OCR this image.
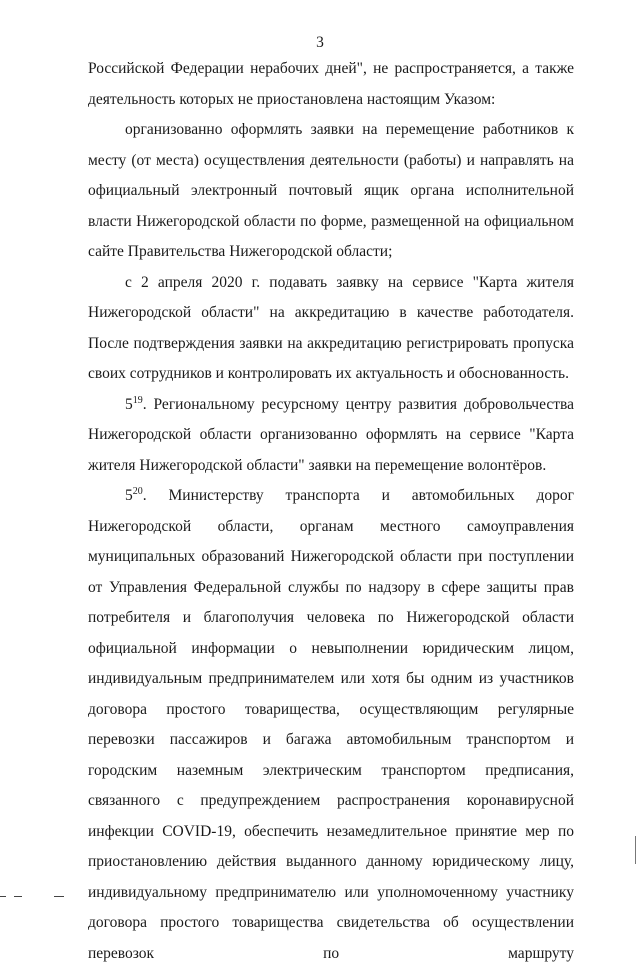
3

Российской Федерации нерабочих дней", не распространяется, а также деятельность которых не приостановлена настоящим Указом:

организованно оформлять заявки на перемещение работников к месту (от места) осуществления деятельности (работы) и направлять на официальный электронный почтовый ящик органа исполнительной власти Нижегородской области по форме, размещенной на официальном сайте Правительства Нижегородской области;

с 2 апреля 2020 г. подавать заявку на сервисе "Карта жителя Нижегородской области" на аккредитацию в качестве работодателя. После подтверждения заявки на аккредитацию регистрировать пропуска своих сотрудников и контролировать их актуальность и обоснованность.

$5^{19}$. Региональному ресурсному центру развития добровольчества Нижегородской области организованно оформлять на сервисе "Карта жителя Нижегородской области" заявки на перемещение волонтёров.

$5^{20}$. Министерству транспорта и автомобильных дорог Нижегородской области, органам местного самоуправления муниципальных образований Нижегородской области при поступлении от Управления Федеральной службы по надзору в сфере защиты прав потребителя и благополучия человека по Нижегородской области официальной информации о невыполнении юридическим лицом, индивидуальным предпринимателем или хотя бы одним из участников договора простого товарищества, осуществляющим регулярные перевозки пассажиров и багажа автомобильным транспортом и городским наземным электрическим транспортом предписания, связанного с предупреждением распространения коронавирусной инфекции COVID-19, обеспечить незамедлительное принятие мер по приостановлению действия выданного данному юридическому лицу, индивидуальному предпринимателю или уполномоченному участнику договора простого товарищества свидетельства об осуществлении перевозок по маршруту
